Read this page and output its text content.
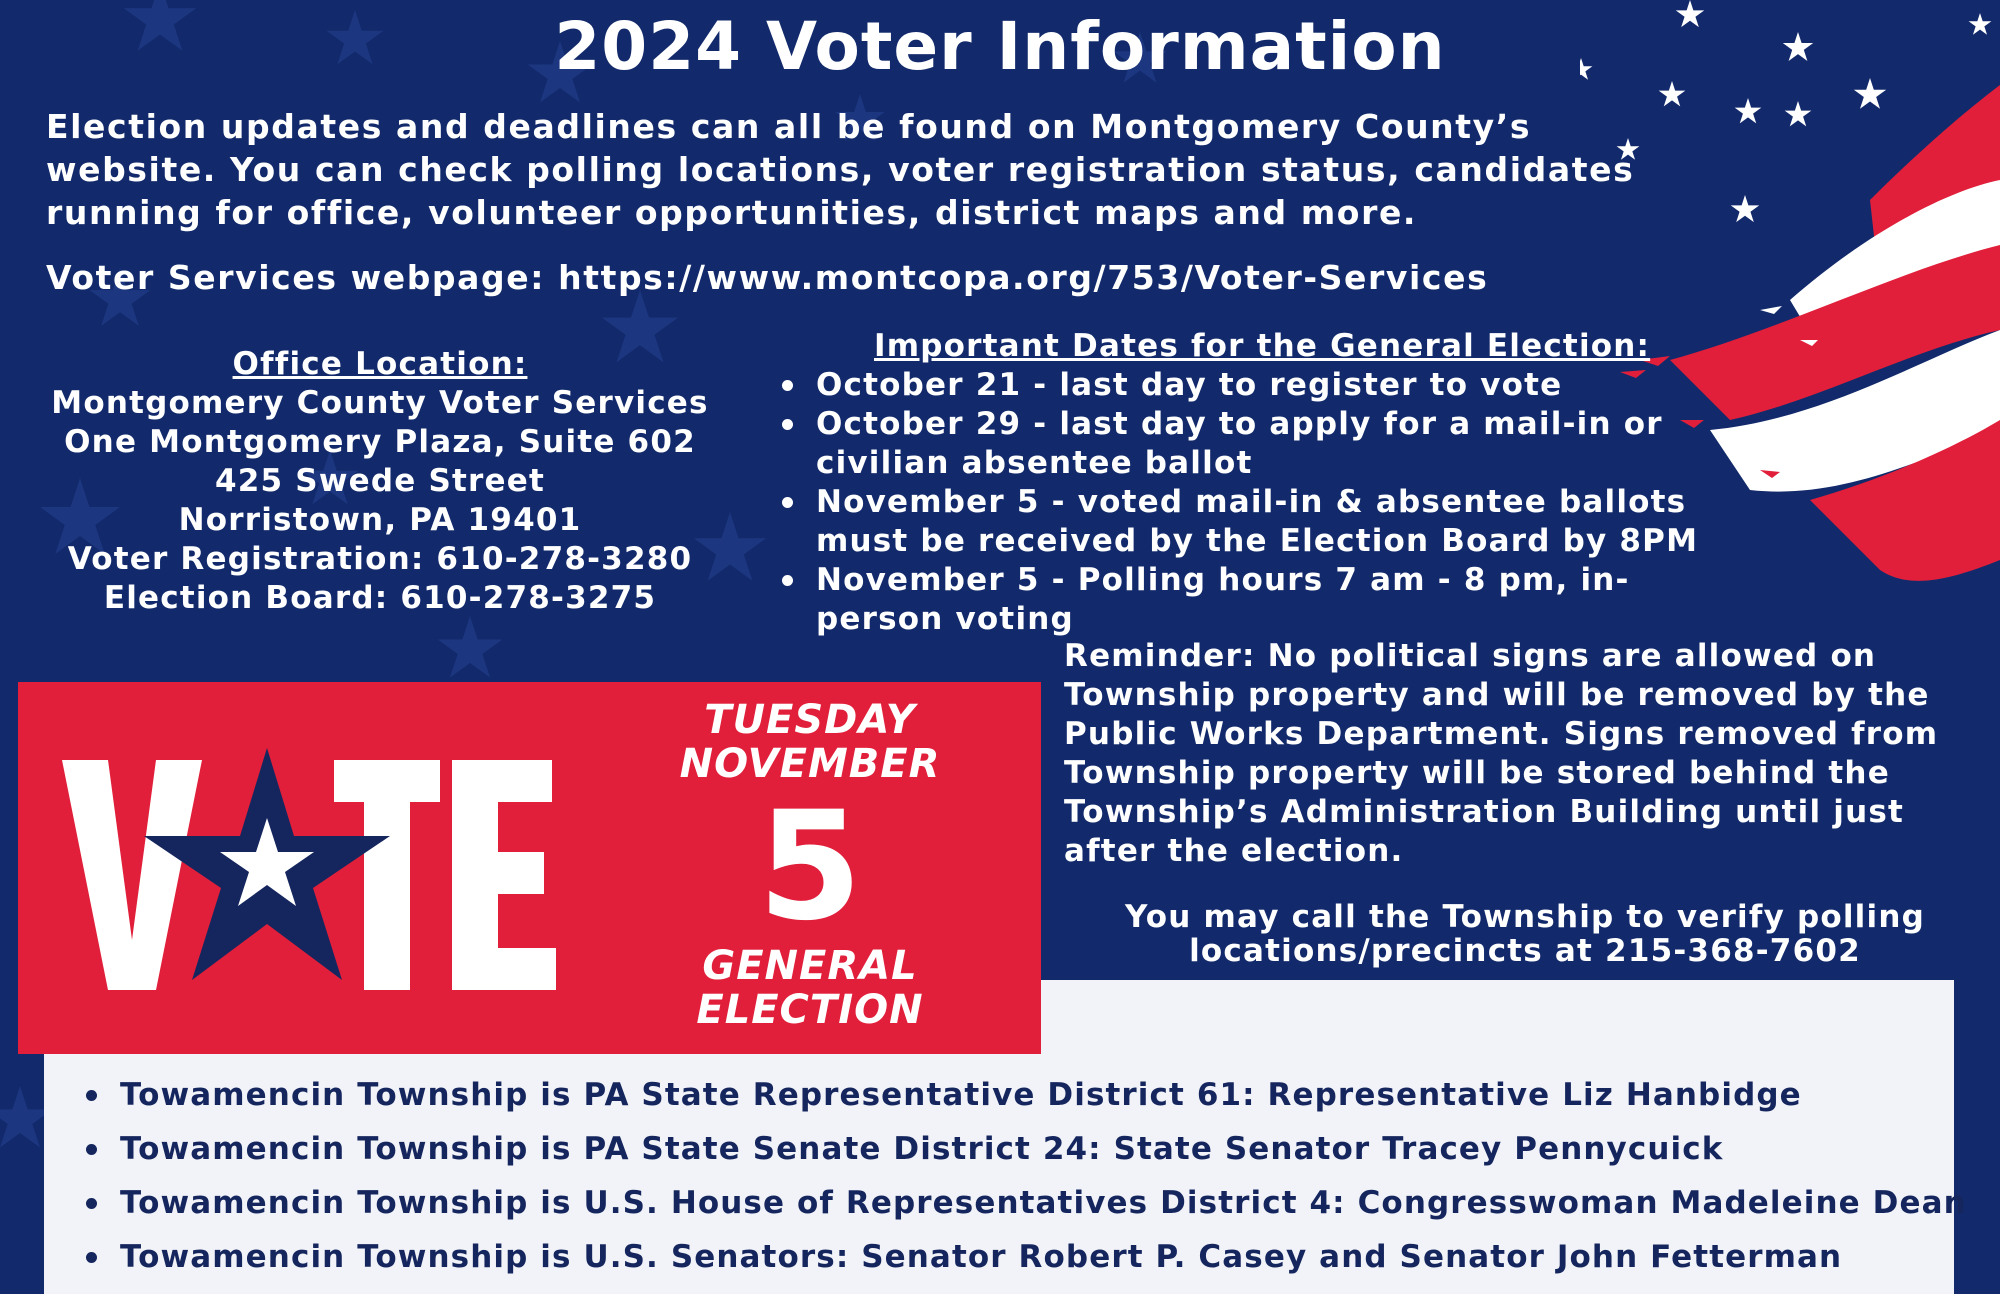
2024 Voter Information

Election updates and deadlines can all be found on Montgomery County’s

website. You can check polling locations, voter registration status, candidates

running for office, volunteer opportunities, district maps and more.

Voter Services webpage: https://www.montcopa.org/753/Voter-Services
Office Location:
Montgomery County Voter Services
One Montgomery Plaza, Suite 602
425 Swede Street
Norristown, PA 19401
Voter Registration: 610-278-3280
Election Board: 610-278-3275
Important Dates for the General Election:
October 21 - last day to register to vote
October 29 - last day to apply for a mail-in or civilian absentee ballot
November 5 - voted mail-in & absentee ballots must be received by the Election Board by 8PM
November 5 - Polling hours 7 am - 8 pm, in-person voting
Reminder: No political signs are allowed on Township property and will be removed by the Public Works Department. Signs removed from Township property will be stored behind the Township’s Administration Building until just after the election.
You may call the Township to verify polling
locations/precincts at 215-368-7602
Towamencin Township is PA State Representative District 61: Representative Liz Hanbidge
Towamencin Township is PA State Senate District 24: State Senator Tracey Pennycuick
Towamencin Township is U.S. House of Representatives District 4: Congresswoman Madeleine Dean
Towamencin Township is U.S. Senators: Senator Robert P. Casey and Senator John Fetterman
TUESDAY
NOVEMBER
5
GENERAL
ELECTION
